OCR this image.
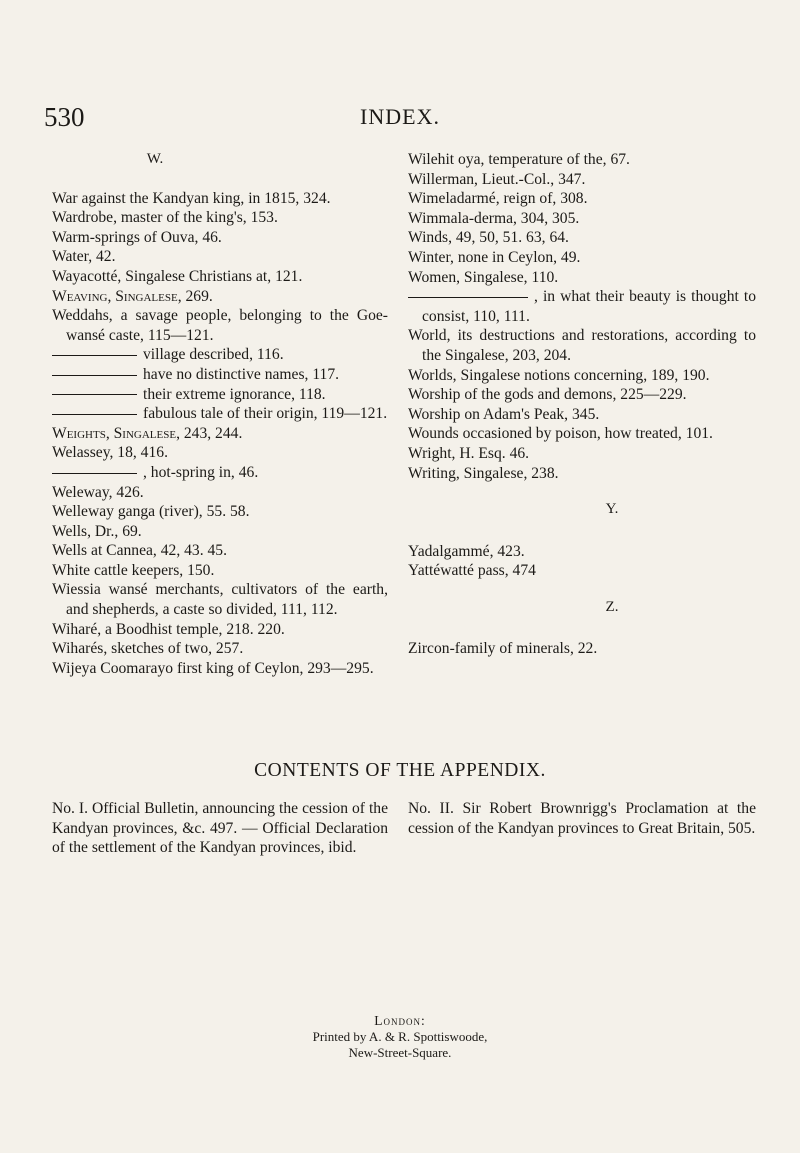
530	INDEX.
W.
War against the Kandyan king, in 1815, 324.
Wardrobe, master of the king's, 153.
Warm-springs of Ouva, 46.
Water, 42.
Wayacotté, Singalese Christians at, 121.
Weaving, Singalese, 269.
Weddahs, a savage people, belonging to the Goe-wansé caste, 115—121.
village described, 116.
have no distinctive names, 117.
their extreme ignorance, 118.
fabulous tale of their origin, 119—121.
Weights, Singalese, 243, 244.
Welassey, 18, 416.
, hot-spring in, 46.
Weleway, 426.
Welleway ganga (river), 55. 58.
Wells, Dr., 69.
Wells at Cannea, 42, 43. 45.
White cattle keepers, 150.
Wiessia wansé merchants, cultivators of the earth, and shepherds, a caste so divided, 111, 112.
Wiharé, a Boodhist temple, 218. 220.
Wiharés, sketches of two, 257.
Wijeya Coomarayo first king of Ceylon, 293—295.
Wilehit oya, temperature of the, 67.
Willerman, Lieut.-Col., 347.
Wimeladarmé, reign of, 308.
Wimmala-derma, 304, 305.
Winds, 49, 50, 51. 63, 64.
Winter, none in Ceylon, 49.
Women, Singalese, 110.
, in what their beauty is thought to consist, 110, 111.
World, its destructions and restorations, according to the Singalese, 203, 204.
Worlds, Singalese notions concerning, 189, 190.
Worship of the gods and demons, 225—229.
Worship on Adam's Peak, 345.
Wounds occasioned by poison, how treated, 101.
Wright, H. Esq. 46.
Writing, Singalese, 238.
Y.
Yadalgammé, 423.
Yattéwatté pass, 474
Z.
Zircon-family of minerals, 22.
CONTENTS OF THE APPENDIX.
No. I. Official Bulletin, announcing the cession of the Kandyan provinces, &c. 497. — Official Declaration of the settlement of the Kandyan provinces, ibid.
No. II. Sir Robert Brownrigg's Proclamation at the cession of the Kandyan provinces to Great Britain, 505.
London:
Printed by A. & R. Spottiswoode,
New-Street-Square.
